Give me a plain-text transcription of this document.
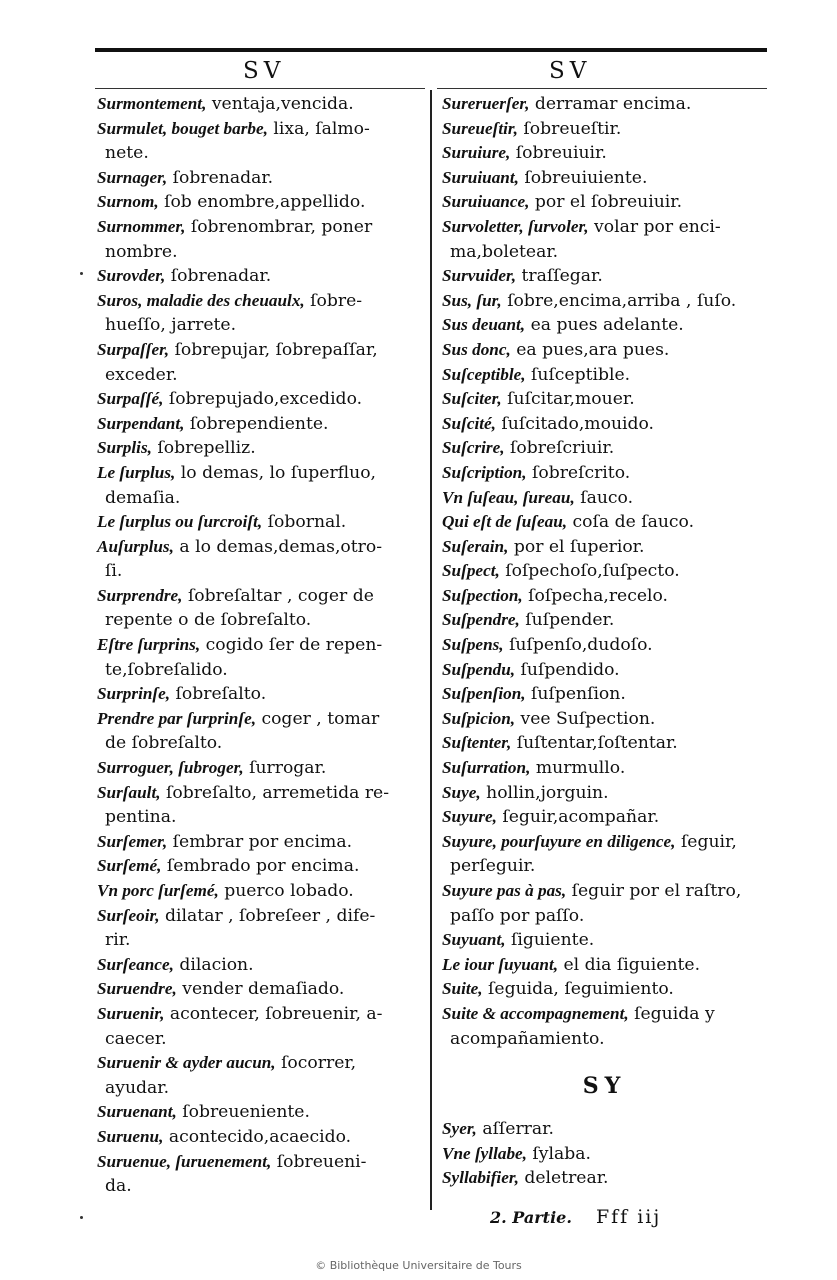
SV	SV
Surmontement, ventaja,vencida.
Surmulet, bouget barbe, lixa, ſalmo-
nete.
Surnager, ſobrenadar.
Surnom, ſob enombre,appellido.
Surnommer, ſobrenombrar, poner
nombre.
Surονder, ſobrenadar.
Suros, maladie des cheuaulx, ſobre-
hueſſo, jarrete.
Surpaſſer, ſobrepujar, ſobrepaſſar,
exceder.
Surpaſſé, ſobrepujado,excedido.
Surpendant, ſobrependiente.
Surplis, ſobrepelliz.
Le ſurplus, lo demas, lo ſuperfluo,
demaſia.
Le ſurplus ou ſurcroiſt, ſobornal.
Auſurplus, a lo demas,demas,otro-
ſi.
Surprendre, ſobreſaltar , coger de
repente o de ſobreſalto.
Eſtre ſurprins, cogido ſer de repen-
te,ſobreſalido.
Surprinſe, ſobreſalto.
Prendre par ſurprinſe, coger , tomar
de ſobreſalto.
Surroguer, ſubroger, ſurrogar.
Surſault, ſobreſalto, arremetida re-
pentina.
Surſemer, ſembrar por encima.
Surſemé, ſembrado por encima.
Vn porc ſurſemé, puerco lobado.
Surſeoir, dilatar , ſobreſeer , dife-
rir.
Surſeance, dilacion.
Suruendre, vender demaſiado.
Suruenir, acontecer, ſobreuenir, a-
caecer.
Suruenir & ayder aucun, ſocorrer,
ayudar.
Suruenant, ſobreueniente.
Suruenu, acontecido,acaecido.
Suruenue, ſuruenement, ſobreueni-
da.
Sureruerſer, derramar encima.
Sureueſtir, ſobreueſtir.
Suruiure, ſobreuiuir.
Suruiuant, ſobreuiuiente.
Suruiuance, por el ſobreuiuir.
Surνoletter, ſurνoler, volar por enci-
ma,boletear.
Surνuider, traſſegar.
Sus, ſur, ſobre,encima,arriba , ſuſo.
Sus deuant, ea pues adelante.
Sus donc, ea pues,ara pues.
Suſceptible, ſuſceptible.
Suſciter, ſuſcitar,mouer.
Suſcité, ſuſcitado,mouido.
Suſcrire, ſobreſcriuir.
Suſcription, ſobreſcrito.
Vn ſuſeau, ſureau, ſauco.
Qui eſt de ſuſeau, coſa de ſauco.
Suſerain, por el ſuperior.
Suſpect, ſoſpechoſo,ſuſpecto.
Suſpection, ſoſpecha,recelo.
Suſpendre, ſuſpender.
Suſpens, ſuſpenſo,dudoſo.
Suſpendu, ſuſpendido.
Suſpenſion, ſuſpenſion.
Suſpicion, vee Suſpection.
Suſtenter, ſuſtentar,ſoſtentar.
Suſurration, murmullo.
Suye, hollin,jorguin.
Suyure, ſeguir,acompañar.
Suyure, pourſuyure en diligence, ſeguir,
perſeguir.
Suyure pas à pas, ſeguir por el raſtro,
paſſo por paſſo.
Suyuant, ſiguiente.
Le iour ſuyuant, el dia ſiguiente.
Suite, ſeguida, ſeguimiento.
Suite & accompagnement, ſeguida y
acompañamiento.
SY
Syer, aſſerrar.
Vne ſyllabe, ſylaba.
Syllabifier, deletrear.
2. Partie. Fff iij
© Bibliothèque Universitaire de Tours
